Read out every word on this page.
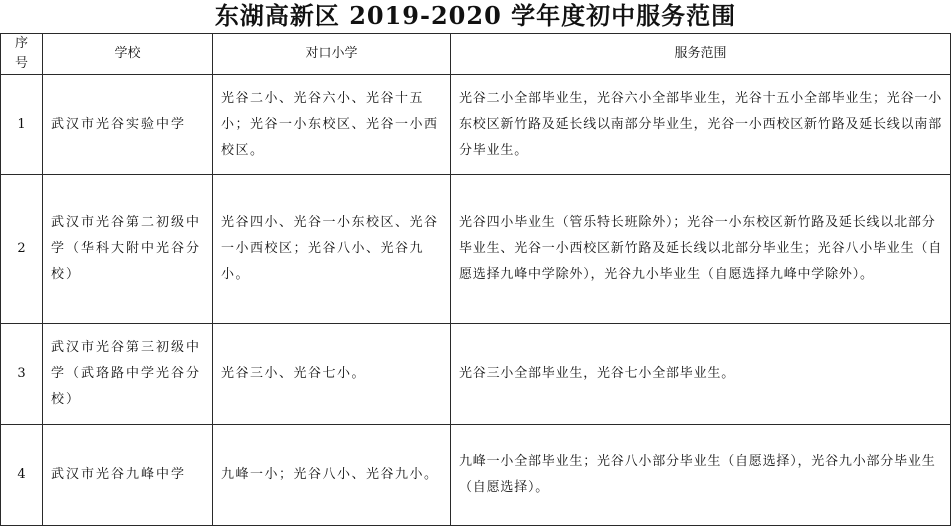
东湖高新区 2019-2020 学年度初中服务范围
序号	学校	对口小学	服务范围
1	武汉市光谷实验中学	光谷二小、光谷六小、光谷十五小；光谷一小东校区、光谷一小西校区。	光谷二小全部毕业生，光谷六小全部毕业生，光谷十五小全部毕业生；光谷一小东校区新竹路及延长线以南部分毕业生，光谷一小西校区新竹路及延长线以南部分毕业生。
2	武汉市光谷第二初级中学（华科大附中光谷分校）	光谷四小、光谷一小东校区、光谷一小西校区；光谷八小、光谷九小。	光谷四小毕业生（管乐特长班除外）；光谷一小东校区新竹路及延长线以北部分毕业生、光谷一小西校区新竹路及延长线以北部分毕业生；光谷八小毕业生（自愿选择九峰中学除外），光谷九小毕业生（自愿选择九峰中学除外）。
3	武汉市光谷第三初级中学（武珞路中学光谷分校）	光谷三小、光谷七小。	光谷三小全部毕业生，光谷七小全部毕业生。
4	武汉市光谷九峰中学	九峰一小；光谷八小、光谷九小。	九峰一小全部毕业生；光谷八小部分毕业生（自愿选择），光谷九小部分毕业生（自愿选择）。
